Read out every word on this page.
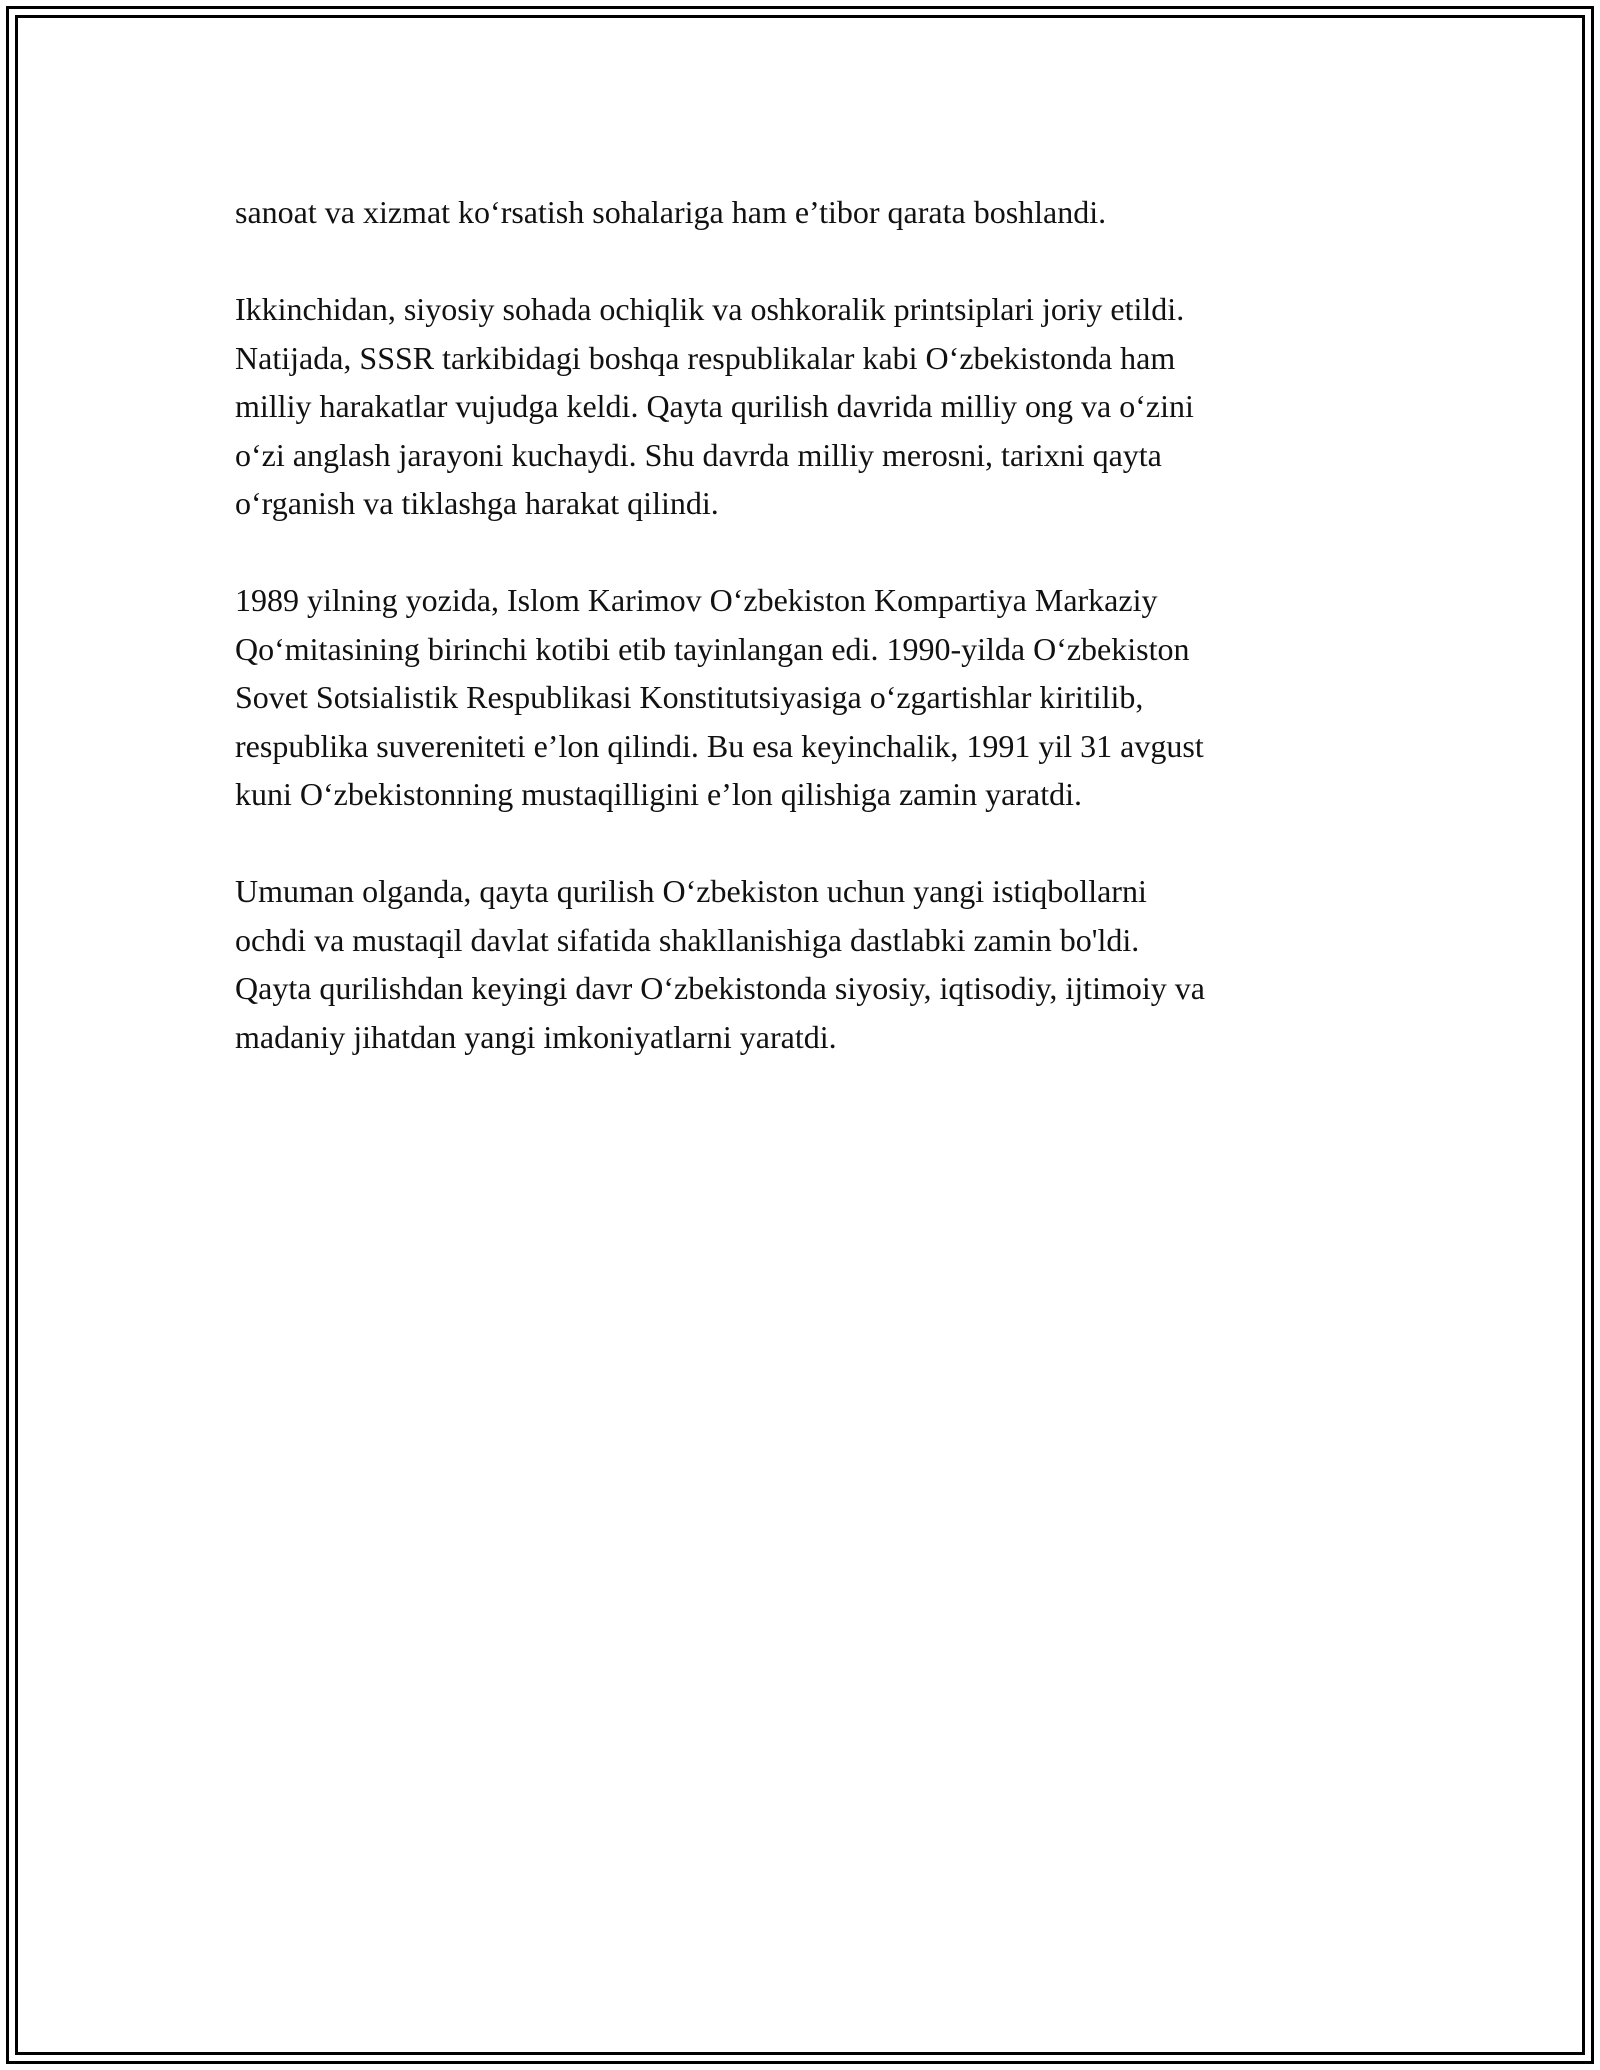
sanoat va xizmat ko‘rsatish sohalariga ham e’tibor qarata boshlandi.

Ikkinchidan, siyosiy sohada ochiqlik va oshkoralik printsiplari joriy etildi.
Natijada, SSSR tarkibidagi boshqa respublikalar kabi O‘zbekistonda ham
milliy harakatlar vujudga keldi. Qayta qurilish davrida milliy ong va o‘zini
o‘zi anglash jarayoni kuchaydi. Shu davrda milliy merosni, tarixni qayta
o‘rganish va tiklashga harakat qilindi.

1989 yilning yozida, Islom Karimov O‘zbekiston Kompartiya Markaziy
Qo‘mitasining birinchi kotibi etib tayinlangan edi. 1990-yilda O‘zbekiston
Sovet Sotsialistik Respublikasi Konstitutsiyasiga o‘zgartishlar kiritilib,
respublika suvereniteti e’lon qilindi. Bu esa keyinchalik, 1991 yil 31 avgust
kuni O‘zbekistonning mustaqilligini e’lon qilishiga zamin yaratdi.

Umuman olganda, qayta qurilish O‘zbekiston uchun yangi istiqbollarni
ochdi va mustaqil davlat sifatida shakllanishiga dastlabki zamin bo'ldi.
Qayta qurilishdan keyingi davr O‘zbekistonda siyosiy, iqtisodiy, ijtimoiy va
madaniy jihatdan yangi imkoniyatlarni yaratdi.
